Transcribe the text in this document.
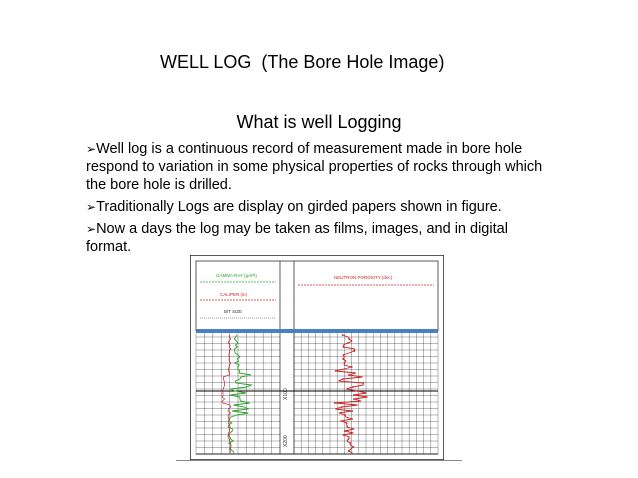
WELL LOG  (The Bore Hole Image)
What is well Logging
➢Well log is a continuous record of measurement made in bore hole respond to variation in some physical properties of rocks through which the bore hole is drilled.
➢Traditionally Logs are display on girded papers shown in figure.
➢Now a days the log may be taken as films, images, and in digital format.
GAMMA RAY (gAPI)
CALIPER (in)
BIT SIZE
NEUTRON POROSITY (dec)
X100
X200
